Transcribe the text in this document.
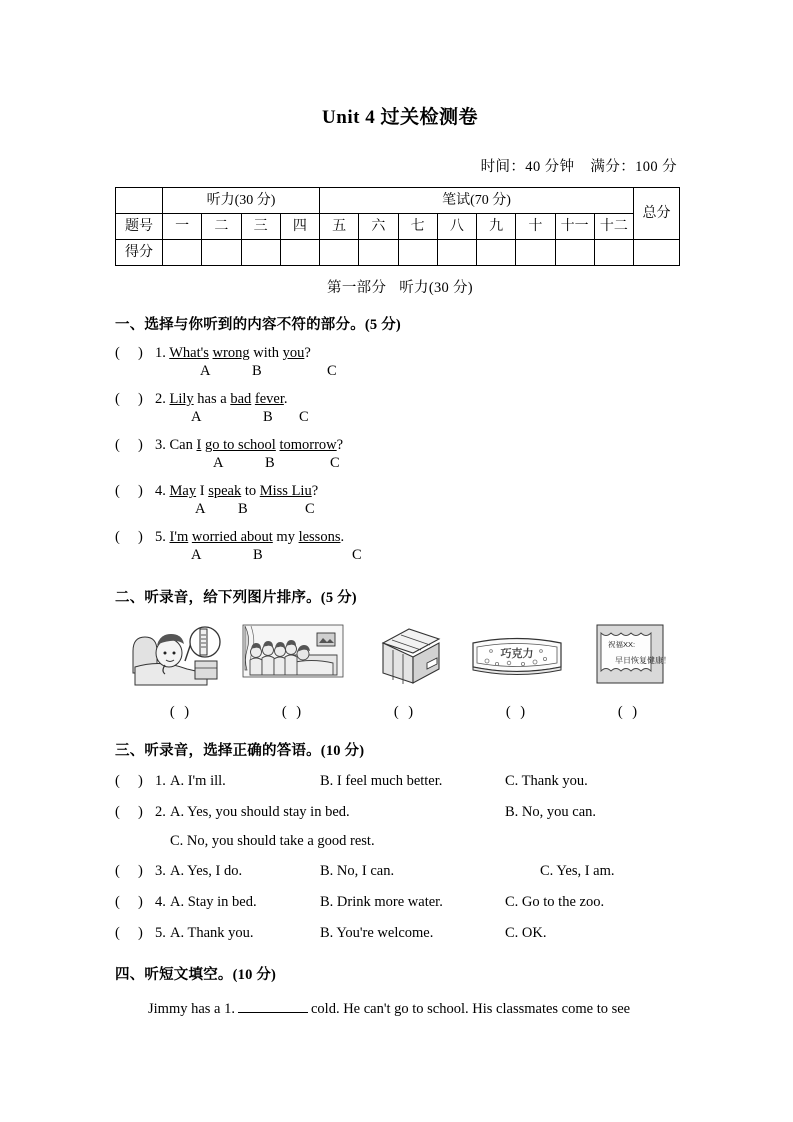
Unit 4 过关检测卷
时间：40 分钟 满分：100 分
	听力(30 分)				笔试(70 分)								总分
题号	一	二	三	四	五	六	七	八	九	十	十一	十二	
得分													
第一部分 听力(30 分)
一、选择与你听到的内容不符的部分。(5 分)
(     ) 1. What's wrong with you?
A	B	C
(     ) 2. Lily has a bad fever.
A	B C
(     ) 3. Can I go to school tomorrow?
A	B	C
(     ) 4. May I speak to Miss Liu?
A B	C
(     ) 5. I'm worried about my lessons.
A	B	C
二、听录音，给下列图片排序。(5 分)
( )	( )	( )
巧克力
( )
祝福XX:
早日恢复健康！
( )
三、听录音，选择正确的答语。(10 分)
(     ) 1. A. I'm ill.	B. I feel much better.	C. Thank you.
(     ) 2. A. Yes, you should stay in bed.	B. No, you can.
C. No, you should take a good rest.
(     ) 3. A. Yes, I do.	B. No, I can.	C. Yes, I am.
(     ) 4. A. Stay in bed.	B. Drink more water.	C. Go to the zoo.
(     ) 5. A. Thank you.	B. You're welcome.	C. OK.
四、听短文填空。(10 分)
Jimmy has a 1.	cold. He can't go to school. His classmates come to see
